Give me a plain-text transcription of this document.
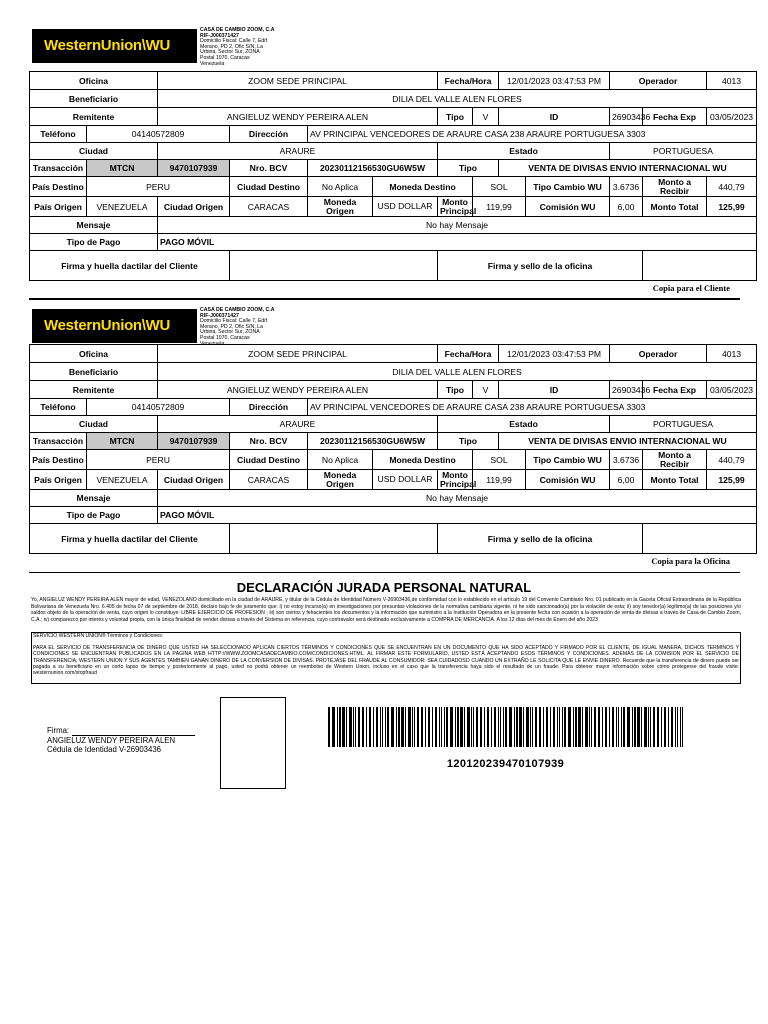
WesternUnion\WU
CASA DE CAMBIO ZOOM, C.A
RIF-J000371427
Domicilio Fiscal: Calle 7, Edif.
Merano, PD 2, Ofic S/N, La
Urbina, Sector Sur, ZONA
Postal 1070, Caracas
Venezuela
Oficina		ZOOM SEDE PRINCIPAL				Fecha/Hora		12/01/2023 03:47:53 PM		Operador		4013
Beneficiario		DILIA DEL VALLE ALEN FLORES										
Remitente		ANGIELUZ WENDY PEREIRA ALEN				Tipo	V	ID		26903436	Fecha Exp	03/05/2023
Teléfono	04140572809		Dirección	AV PRINCIPAL VENCEDORES DE ARAURE CASA 238 ARAURE PORTUGUESA 3303								
Ciudad		ARAURE				Estado				PORTUGUESA		
Transacción	MTCN	9470107939	Nro. BCV	20230112156530GU6W5W		Tipo		VENTA DE DIVISAS ENVIO INTERNACIONAL WU				
País Destino	PERU		Ciudad Destino	No Aplica	Moneda Destino		SOL		Tipo Cambio WU	3.6736	Monto a Recibir	440,79
País Origen	VENEZUELA	Ciudad Origen	CARACAS	Moneda Origen	USD DOLLAR	Monto Principal	119,99		Comisión WU	6,00	Monto Total	125,99
Mensaje		No hay Mensaje										
Tipo de Pago		PAGO MÓVIL										
Firma y huella dactilar del Cliente						Firma y sello de la oficina						
Copia para el Cliente
WesternUnion\WU
CASA DE CAMBIO ZOOM, C.A
RIF-J000371427
Domicilio Fiscal: Calle 7, Edif.
Merano, PD 2, Ofic S/N, La
Urbina, Sector Sur, ZONA
Postal 1070, Caracas
Venezuela
Oficina		ZOOM SEDE PRINCIPAL				Fecha/Hora		12/01/2023 03:47:53 PM		Operador		4013
Beneficiario		DILIA DEL VALLE ALEN FLORES										
Remitente		ANGIELUZ WENDY PEREIRA ALEN				Tipo	V	ID		26903436	Fecha Exp	03/05/2023
Teléfono	04140572809		Dirección	AV PRINCIPAL VENCEDORES DE ARAURE CASA 238 ARAURE PORTUGUESA 3303								
Ciudad		ARAURE				Estado				PORTUGUESA		
Transacción	MTCN	9470107939	Nro. BCV	20230112156530GU6W5W		Tipo		VENTA DE DIVISAS ENVIO INTERNACIONAL WU				
País Destino	PERU		Ciudad Destino	No Aplica	Moneda Destino		SOL		Tipo Cambio WU	3.6736	Monto a Recibir	440,79
País Origen	VENEZUELA	Ciudad Origen	CARACAS	Moneda Origen	USD DOLLAR	Monto Principal	119,99		Comisión WU	6,00	Monto Total	125,99
Mensaje		No hay Mensaje										
Tipo de Pago		PAGO MÓVIL										
Firma y huella dactilar del Cliente						Firma y sello de la oficina						
Copia para la Oficina
DECLARACIÓN JURADA PERSONAL NATURAL
Yo, ANGIELUZ WENDY PEREIRA ALEN mayor de edad, VENEZOLANO domiciliado en la ciudad de ARAURE, y titular de la Cédula de Identidad Número V-26903436,de conformidad con lo establecido en el artículo 19 del Convenio Cambiario Nro. 01 publicado en la Gaceta Oficial Extraordinaria de la República Bolivariana de Venezuela Nro. 6.405 de fecha 07 de septiembre de 2018, declaro bajo fe de juramento que: i) no estoy incurso(a) en investigaciones por presuntas violaciones de la normativa cambiaria vigente, ni he sido sancionado(a) por la violación de esta; ii) soy tenedor(a) legítimo(a) de las posiciones y/o saldos objeto de la operación de venta, cuyo origen lo constituye: LIBRE EJERCICIO DE PROFESION ; iii) son ciertos y fehacientes los documentos y la información que suministro a la Institución Operadora en la presente fecha con ocasión a la operación de venta de divisas a través de Casa de Cambio Zoom, C.A.; iv) comparezco por interés y voluntad propia, con la única finalidad de vender divisas a través del Sistema en referencia, cuyo contravalor será destinado exclusivamente a COMPRA DE MERCANCIA. A los 12 días del mes de Enero del año 2023
SERVICIO WESTERN UNION® Términos y Condiciones:
PARA EL SERVICIO DE TRANSFERENCIA DE DINERO QUE USTED HA SELECCIONADO APLICAN CIERTOS TÉRMINOS Y CONDICIONES QUE SE ENCUENTRAN EN UN DOCUMENTO QUE HA SIDO ACEPTADO Y FIRMADO POR EL CLIENTE, DE IGUAL MANERA, DICHOS TERMINOS Y CONDICIONES SE ENCUENTRAN PUBLICADOS EN LA PÁGINA WEB HTTP://WWW.ZOOMCASADECAMBIO.COM/CONDICIONES.HTML. AL FIRMAR ESTE FORMULARIO, USTED ESTÁ ACEPTANDO ESOS TÉRMINOS Y CONDICIONES. ADEMÁS DE LA COMISION POR EL SERVICIO DE TRANSFERENCIA, WESTERN UNION Y SUS AGENTES TAMBIEN GANAN DINERO DE LA CONVERSION DE DIVISAS. PROTÉJASE DEL FRAUDE AL CONSUMIDOR: SEA CUIDADOSO CUANDO UN EXTRAÑO LE SOLICITA QUE LE ENVIE DINERO. Recuerde que la transferencia de dinero puede ser pagada a su beneficiario en un corto lapso de tiempo y posteriormente al pago, usted no podrá obtener un reembolso de Western Union, incluso en el caso que la transferencia haya sido el resultado de un fraude. Para obtener mayor información sobre cómo protegerse del fraude visite: westernunion.com/stopfraud
Firma:
ANGIELUZ WENDY PEREIRA ALEN
Cédula de Identidad V-26903436
120120239470107939
